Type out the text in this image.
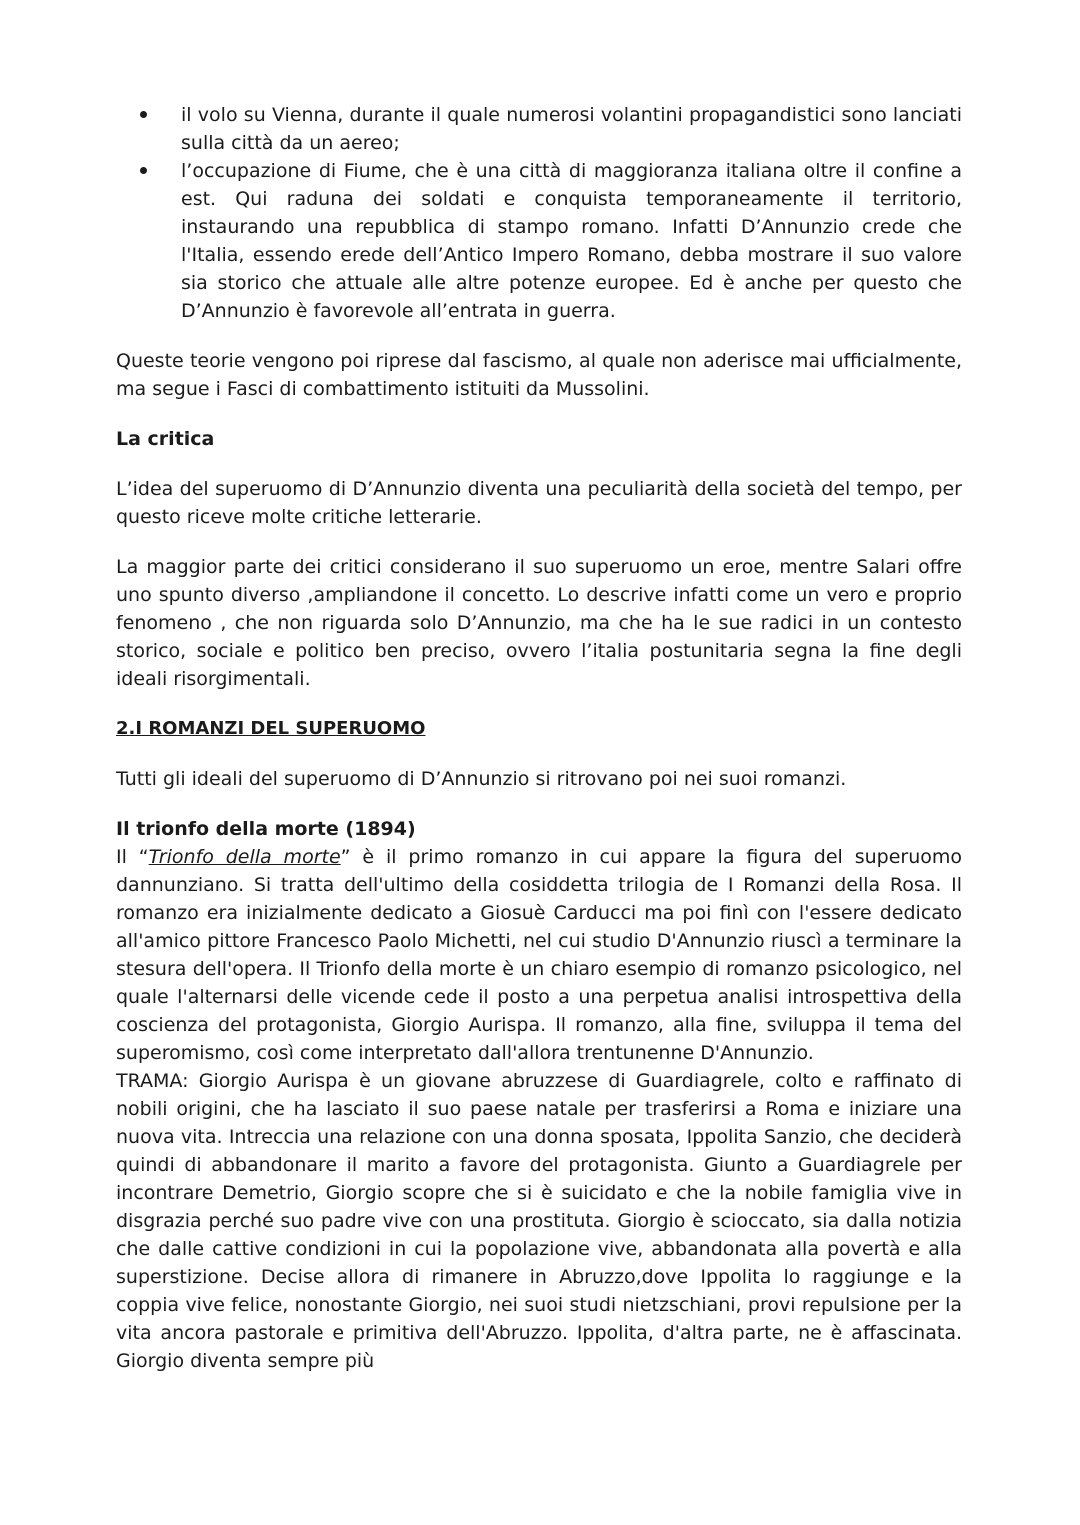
il volo su Vienna, durante il quale numerosi volantini propagandistici sono lanciati sulla città da un aereo;
l’occupazione di Fiume, che è una città di maggioranza italiana oltre il confine a est. Qui raduna dei soldati e conquista temporaneamente il territorio, instaurando una repubblica di stampo romano. Infatti D’Annunzio crede che l'Italia, essendo erede dell’Antico Impero Romano, debba mostrare il suo valore sia storico che attuale alle altre potenze europee. Ed è anche per questo che D’Annunzio è favorevole all’entrata in guerra.

Queste teorie vengono poi riprese dal fascismo, al quale non aderisce mai ufficialmente, ma segue i Fasci di combattimento istituiti da Mussolini.

La critica

L’idea del superuomo di D’Annunzio diventa una peculiarità della società del tempo, per questo riceve molte critiche letterarie.

La maggior parte dei critici considerano il suo superuomo un eroe, mentre Salari offre uno spunto diverso ,ampliandone il concetto. Lo descrive infatti come un vero e proprio fenomeno , che non riguarda solo D’Annunzio, ma che ha le sue radici in un contesto storico, sociale e politico ben preciso, ovvero l’italia postunitaria segna la fine degli ideali risorgimentali.

2.I ROMANZI DEL SUPERUOMO

Tutti gli ideali del superuomo di D’Annunzio si ritrovano poi nei suoi romanzi.

Il trionfo della morte (1894)

Il “Trionfo della morte” è il primo romanzo in cui appare la figura del superuomo dannunziano. Si tratta dell'ultimo della cosiddetta trilogia de I Romanzi della Rosa. Il romanzo era inizialmente dedicato a Giosuè Carducci ma poi finì con l'essere dedicato all'amico pittore Francesco Paolo Michetti, nel cui studio D'Annunzio riuscì a terminare la stesura dell'opera. Il Trionfo della morte è un chiaro esempio di romanzo psicologico, nel quale l'alternarsi delle vicende cede il posto a una perpetua analisi introspettiva della coscienza del protagonista, Giorgio Aurispa. Il romanzo, alla fine, sviluppa il tema del superomismo, così come interpretato dall'allora trentunenne D'Annunzio.

TRAMA: Giorgio Aurispa è un giovane abruzzese di Guardiagrele, colto e raffinato di nobili origini, che ha lasciato il suo paese natale per trasferirsi a Roma e iniziare una nuova vita. Intreccia una relazione con una donna sposata, Ippolita Sanzio, che deciderà quindi di abbandonare il marito a favore del protagonista. Giunto a Guardiagrele per incontrare Demetrio, Giorgio scopre che si è suicidato e che la nobile famiglia vive in disgrazia perché suo padre vive con una prostituta. Giorgio è scioccato, sia dalla notizia che dalle cattive condizioni in cui la popolazione vive, abbandonata alla povertà e alla superstizione. Decise allora di rimanere in Abruzzo,dove Ippolita lo raggiunge e la coppia vive felice, nonostante Giorgio, nei suoi studi nietzschiani, provi repulsione per la vita ancora pastorale e primitiva dell'Abruzzo. Ippolita, d'altra parte, ne è affascinata. Giorgio diventa sempre più
